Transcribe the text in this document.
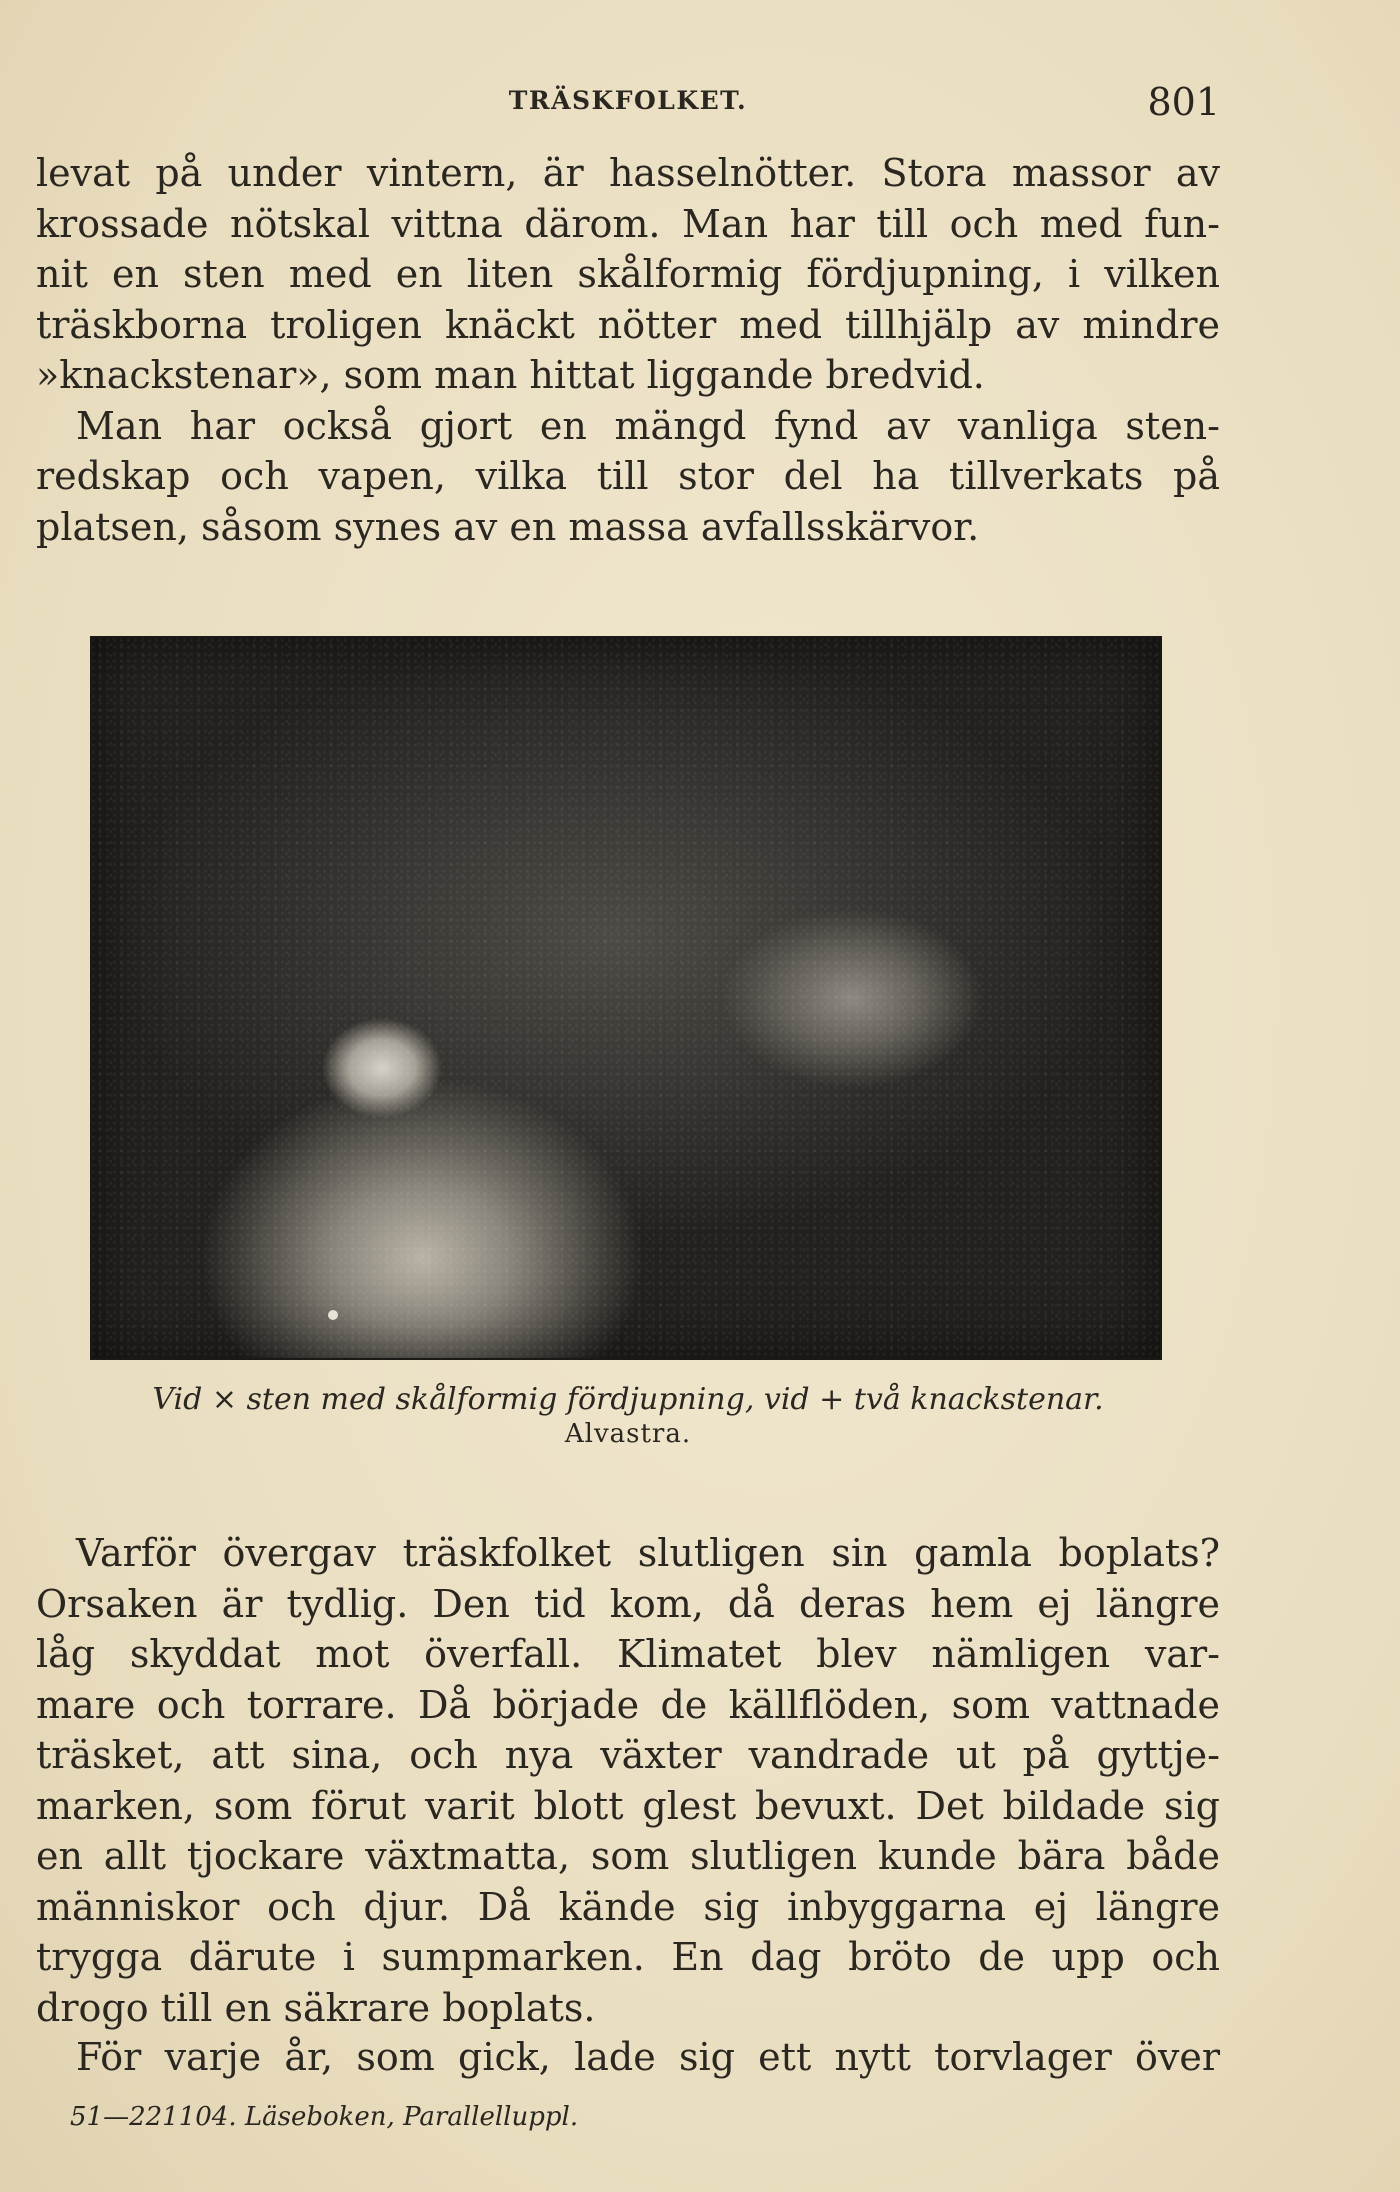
TRÄSKFOLKET.	801
levat på under vintern, är hasselnötter. Stora massor av
krossade nötskal vittna därom. Man har till och med fun-
nit en sten med en liten skålformig fördjupning, i vilken
träskborna troligen knäckt nötter med tillhjälp av mindre
»knackstenar», som man hittat liggande bredvid.
Man har också gjort en mängd fynd av vanliga sten-
redskap och vapen, vilka till stor del ha tillverkats på
platsen, såsom synes av en massa avfallsskärvor.
Vid × sten med skålformig fördjupning, vid + två knackstenar.
Alvastra.
Varför övergav träskfolket slutligen sin gamla boplats?
Orsaken är tydlig. Den tid kom, då deras hem ej längre
låg skyddat mot överfall. Klimatet blev nämligen var-
mare och torrare. Då började de källflöden, som vattnade
träsket, att sina, och nya växter vandrade ut på gyttje-
marken, som förut varit blott glest bevuxt. Det bildade sig
en allt tjockare växtmatta, som slutligen kunde bära både
människor och djur. Då kände sig inbyggarna ej längre
trygga därute i sumpmarken. En dag bröto de upp och
drogo till en säkrare boplats.
För varje år, som gick, lade sig ett nytt torvlager över
51—221104. Läseboken, Parallelluppl.
